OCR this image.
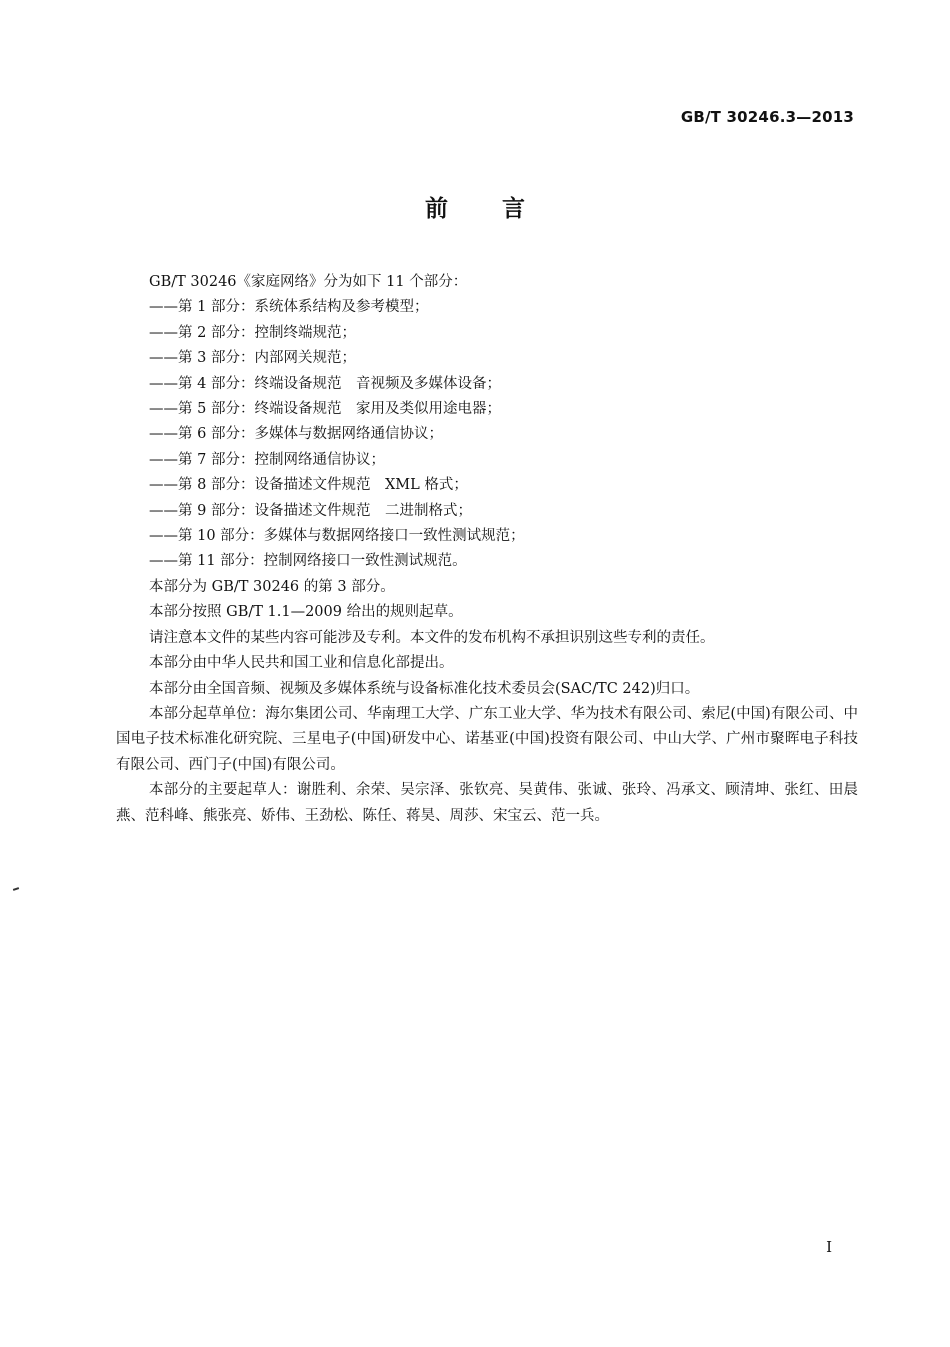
GB/T 30246.3—2013
前言

GB/T 30246《家庭网络》分为如下 11 个部分：

——第 1 部分：系统体系结构及参考模型；

——第 2 部分：控制终端规范；

——第 3 部分：内部网关规范；

——第 4 部分：终端设备规范　音视频及多媒体设备；

——第 5 部分：终端设备规范　家用及类似用途电器；

——第 6 部分：多媒体与数据网络通信协议；

——第 7 部分：控制网络通信协议；

——第 8 部分：设备描述文件规范　XML 格式；

——第 9 部分：设备描述文件规范　二进制格式；

——第 10 部分：多媒体与数据网络接口一致性测试规范；

——第 11 部分：控制网络接口一致性测试规范。

本部分为 GB/T 30246 的第 3 部分。

本部分按照 GB/T 1.1—2009 给出的规则起草。

请注意本文件的某些内容可能涉及专利。本文件的发布机构不承担识别这些专利的责任。

本部分由中华人民共和国工业和信息化部提出。

本部分由全国音频、视频及多媒体系统与设备标准化技术委员会(SAC/TC 242)归口。

本部分起草单位：海尔集团公司、华南理工大学、广东工业大学、华为技术有限公司、索尼(中国)有限公司、中国电子技术标准化研究院、三星电子(中国)研发中心、诺基亚(中国)投资有限公司、中山大学、广州市聚晖电子科技有限公司、西门子(中国)有限公司。

本部分的主要起草人：谢胜利、余荣、吴宗泽、张钦亮、吴黄伟、张诚、张玲、冯承文、顾清坤、张红、田晨燕、范科峰、熊张亮、娇伟、王劲松、陈任、蒋昊、周莎、宋宝云、范一兵。

I
